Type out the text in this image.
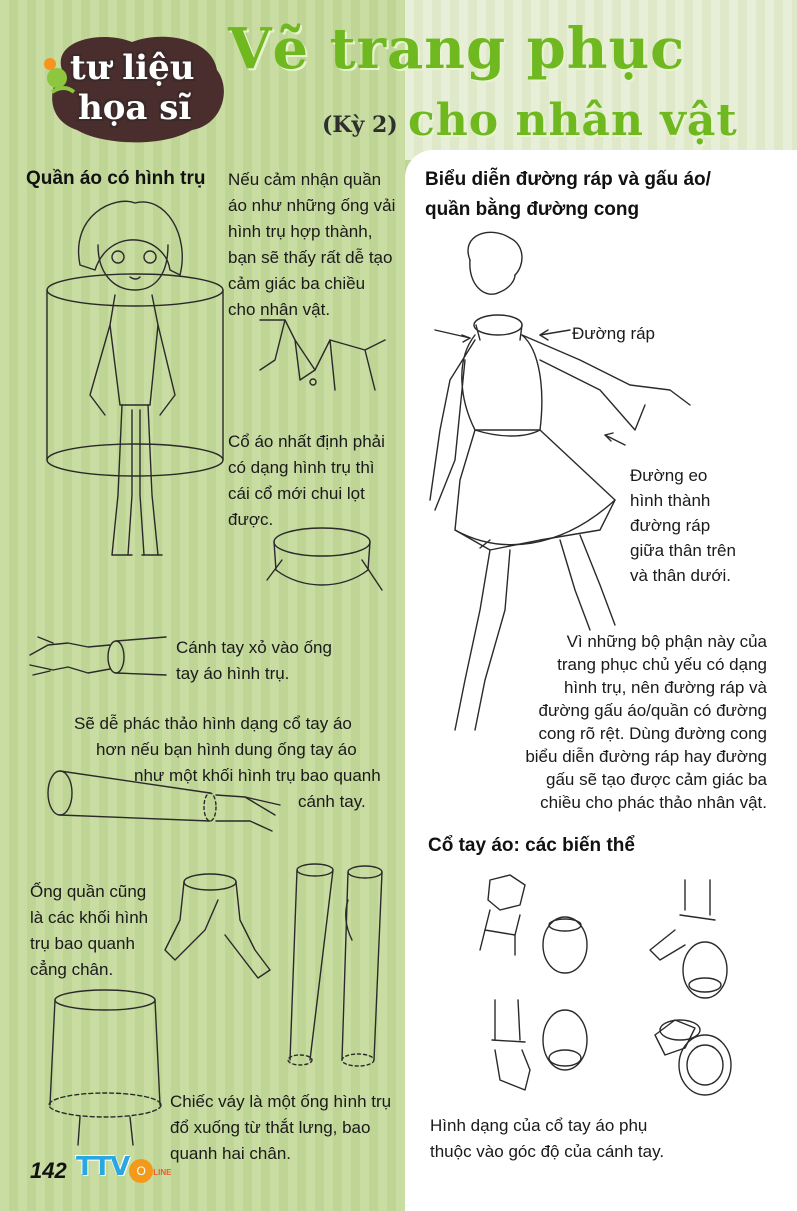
tư liệu
họa sĩ
Vẽ trang phục
(Kỳ 2) cho nhân vật
Quần áo có hình trụ Nếu cảm nhận quần
áo như những ống vải
hình trụ hợp thành,
bạn sẽ thấy rất dễ tạo
cảm giác ba chiều
cho nhân vật.
Cổ áo nhất định phải
có dạng hình trụ thì
cái cổ mới chui lọt
được.
Cánh tay xỏ vào ống
tay áo hình trụ.
Sẽ dễ phác thảo hình dạng cổ tay áo
hơn nếu bạn hình dung ống tay áo
như một khối hình trụ bao quanh
cánh tay.
Ống quần cũng
là các khối hình
trụ bao quanh
cẳng chân.
Chiếc váy là một ống hình trụ
đổ xuống từ thắt lưng, bao
quanh hai chân.
Biểu diễn đường ráp và gấu áo/
quần bằng đường cong
Đường ráp
Đường eo
hình thành
đường ráp
giữa thân trên
và thân dưới.
Vì những bộ phận này của
trang phục chủ yếu có dạng
hình trụ, nên đường ráp và
đường gấu áo/quần có đường
cong rõ rệt. Dùng đường cong
biểu diễn đường ráp hay đường
gấu sẽ tạo được cảm giác ba
chiều cho phác thảo nhân vật.
Cổ tay áo: các biến thể
Hình dạng của cổ tay áo phụ
thuộc vào góc độ của cánh tay.
142 TTV O LINE
